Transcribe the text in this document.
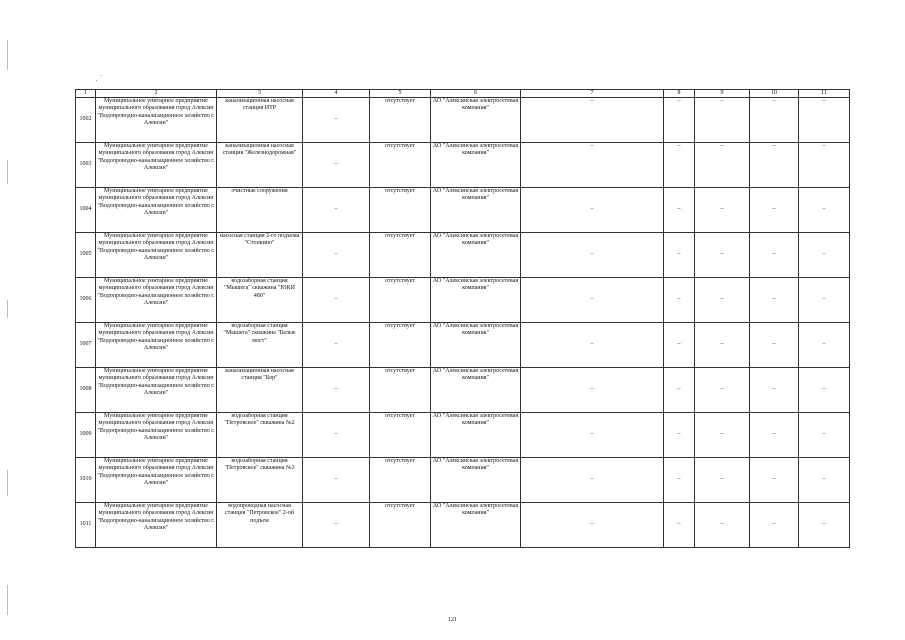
1	2	3	4	5	6	7	8	9	10	11	
1002	Муниципальное унитарное предприятие муниципального образования город Алексин "Водопроводно-канализационное хозяйство г. Алексин"	канализационная насосная станция ИТР	–	отсутствует	АО "Алексинская электросетевая компания"	–	–	–	–	–	
1003	Муниципальное унитарное предприятие муниципального образования город Алексин "Водопроводно-канализационное хозяйство г. Алексин"	канализационная насосная станция "Железнодорожная"	–	отсутствует	АО "Алексинская электросетевая компания"	–	–	–	–	–	
1004	Муниципальное унитарное предприятие муниципального образования город Алексин "Водопроводно-канализационное хозяйство г. Алексин"	очистные сооружения	–	отсутствует	АО "Алексинская электросетевая компания"	–	–	–	–	–	
1005	Муниципальное унитарное предприятие муниципального образования город Алексин "Водопроводно-канализационное хозяйство г. Алексин"	насосная станция 2-го подъема "Стопкино"	–	отсутствует	АО "Алексинская электросетевая компания"	–	–	–	–	–	
1006	Муниципальное унитарное предприятие муниципального образования город Алексин "Водопроводно-канализационное хозяйство г. Алексин"	водозаборная станция "Мышега" скважина "ЮКИ 480"	–	отсутствует	АО "Алексинская электросетевая компания"	–	–	–	–	–	
1007	Муниципальное унитарное предприятие муниципального образования город Алексин "Водопроводно-канализационное хозяйство г. Алексин"	водозаборная станция "Мышега" скважина "Белые мост"	–	отсутствует	АО "Алексинская электросетевая компания"	–	–	–	–	–	
1008	Муниципальное унитарное предприятие муниципального образования город Алексин "Водопроводно-канализационное хозяйство г. Алексин"	канализационная насосная станция "Бор"	–	отсутствует	АО "Алексинская электросетевая компания"	–	–	–	–	–	
1009	Муниципальное унитарное предприятие муниципального образования город Алексин "Водопроводно-канализационное хозяйство г. Алексин"	водозаборная станция "Петровское" скважина №2	–	отсутствует	АО "Алексинская электросетевая компания"	–	–	–	–	–	
1010	Муниципальное унитарное предприятие муниципального образования город Алексин "Водопроводно-канализационное хозяйство г. Алексин"	водозаборная станция "Петровское" скважина №3	–	отсутствует	АО "Алексинская электросетевая компания"	–	–	–	–	–	
1011	Муниципальное унитарное предприятие муниципального образования город Алексин "Водопроводно-канализационное хозяйство г. Алексин"	водопроводная насосная станция "Петровское" 2-ой подъем	–	отсутствует	АО "Алексинская электросетевая компания"	–	–	–	–	–	
121
